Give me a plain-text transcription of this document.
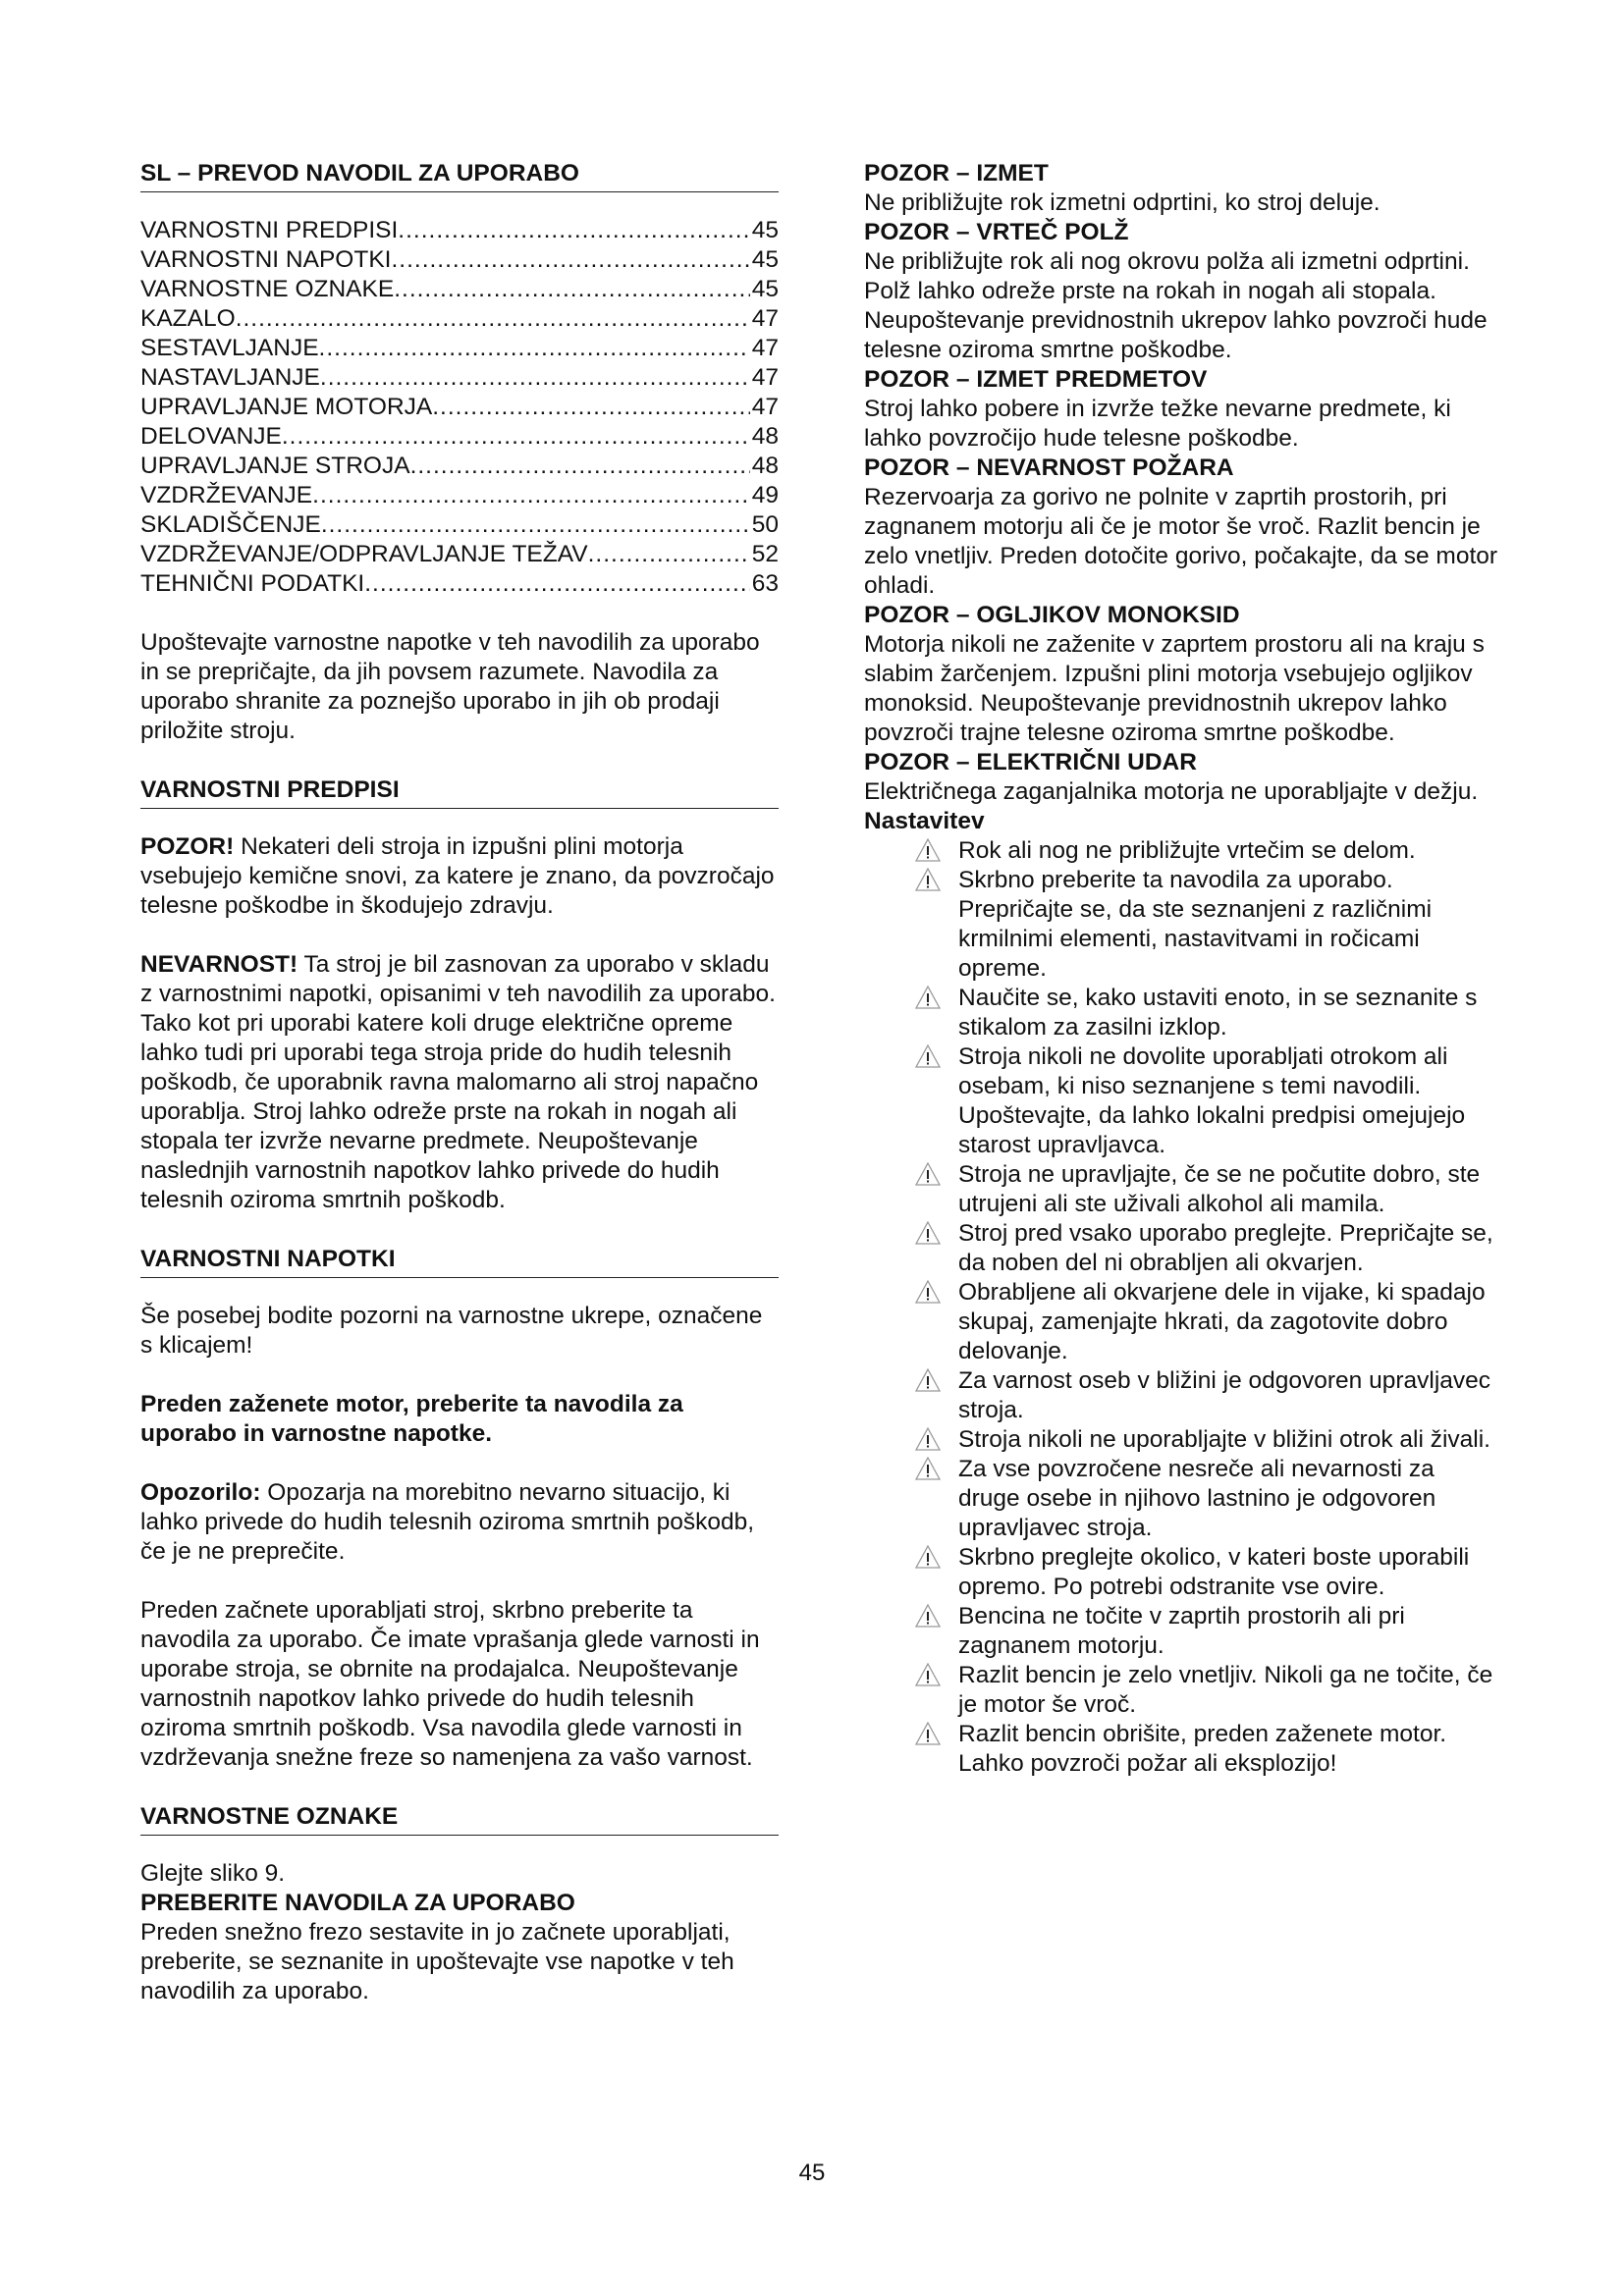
SL – PREVOD NAVODIL ZA UPORABO

VARNOSTNI PREDPISI .....	45
VARNOSTNI NAPOTKI .....	45
VARNOSTNE OZNAKE .....	45
KAZALO .....	47
SESTAVLJANJE .....	47
NASTAVLJANJE .....	47
UPRAVLJANJE MOTORJA .....	47
DELOVANJE .....	48
UPRAVLJANJE STROJA .....	48
VZDRŽEVANJE .....	49
SKLADIŠČENJE .....	50
VZDRŽEVANJE/ODPRAVLJANJE TEŽAV .....	52
TEHNIČNI PODATKI .....	63

Upoštevajte varnostne napotke v teh navodilih za uporabo in se prepričajte, da jih povsem razumete. Navodila za uporabo shranite za poznejšo uporabo in jih ob prodaji priložite stroju.

VARNOSTNI PREDPISI

POZOR! Nekateri deli stroja in izpušni plini motorja vsebujejo kemične snovi, za katere je znano, da povzročajo telesne poškodbe in škodujejo zdravju.

NEVARNOST! Ta stroj je bil zasnovan za uporabo v skladu z varnostnimi napotki, opisanimi v teh navodilih za uporabo. Tako kot pri uporabi katere koli druge električne opreme lahko tudi pri uporabi tega stroja pride do hudih telesnih poškodb, če uporabnik ravna malomarno ali stroj napačno uporablja. Stroj lahko odreže prste na rokah in nogah ali stopala ter izvrže nevarne predmete. Neupoštevanje naslednjih varnostnih napotkov lahko privede do hudih telesnih oziroma smrtnih poškodb.

VARNOSTNI NAPOTKI

Še posebej bodite pozorni na varnostne ukrepe, označene s klicajem!

Preden zaženete motor, preberite ta navodila za uporabo in varnostne napotke.

Opozorilo: Opozarja na morebitno nevarno situacijo, ki lahko privede do hudih telesnih oziroma smrtnih poškodb, če je ne preprečite.

Preden začnete uporabljati stroj, skrbno preberite ta navodila za uporabo. Če imate vprašanja glede varnosti in uporabe stroja, se obrnite na prodajalca. Neupoštevanje varnostnih napotkov lahko privede do hudih telesnih oziroma smrtnih poškodb. Vsa navodila glede varnosti in vzdrževanja snežne freze so namenjena za vašo varnost.

VARNOSTNE OZNAKE

Glejte sliko 9.

PREBERITE NAVODILA ZA UPORABO

Preden snežno frezo sestavite in jo začnete uporabljati, preberite, se seznanite in upoštevajte vse napotke v teh navodilih za uporabo.

POZOR – IZMET

Ne približujte rok izmetni odprtini, ko stroj deluje.

POZOR – VRTEČ POLŽ

Ne približujte rok ali nog okrovu polža ali izmetni odprtini. Polž lahko odreže prste na rokah in nogah ali stopala. Neupoštevanje previdnostnih ukrepov lahko povzroči hude telesne oziroma smrtne poškodbe.

POZOR – IZMET PREDMETOV

Stroj lahko pobere in izvrže težke nevarne predmete, ki lahko povzročijo hude telesne poškodbe.

POZOR – NEVARNOST POŽARA

Rezervoarja za gorivo ne polnite v zaprtih prostorih, pri zagnanem motorju ali če je motor še vroč. Razlit bencin je zelo vnetljiv. Preden dotočite gorivo, počakajte, da se motor ohladi.

POZOR – OGLJIKOV MONOKSID

Motorja nikoli ne zaženite v zaprtem prostoru ali na kraju s slabim žarčenjem. Izpušni plini motorja vsebujejo ogljikov monoksid. Neupoštevanje previdnostnih ukrepov lahko povzroči trajne telesne oziroma smrtne poškodbe.

POZOR – ELEKTRIČNI UDAR

Električnega zaganjalnika motorja ne uporabljajte v dežju.

Nastavitev

Rok ali nog ne približujte vrtečim se delom.
Skrbno preberite ta navodila za uporabo. Prepričajte se, da ste seznanjeni z različnimi krmilnimi elementi, nastavitvami in ročicami opreme.
Naučite se, kako ustaviti enoto, in se seznanite s stikalom za zasilni izklop.
Stroja nikoli ne dovolite uporabljati otrokom ali osebam, ki niso seznanjene s temi navodili. Upoštevajte, da lahko lokalni predpisi omejujejo starost upravljavca.
Stroja ne upravljajte, če se ne počutite dobro, ste utrujeni ali ste uživali alkohol ali mamila.
Stroj pred vsako uporabo preglejte. Prepričajte se, da noben del ni obrabljen ali okvarjen.
Obrabljene ali okvarjene dele in vijake, ki spadajo skupaj, zamenjajte hkrati, da zagotovite dobro delovanje.
Za varnost oseb v bližini je odgovoren upravljavec stroja.
Stroja nikoli ne uporabljajte v bližini otrok ali živali.
Za vse povzročene nesreče ali nevarnosti za druge osebe in njihovo lastnino je odgovoren upravljavec stroja.
Skrbno preglejte okolico, v kateri boste uporabili opremo. Po potrebi odstranite vse ovire.
Bencina ne točite v zaprtih prostorih ali pri zagnanem motorju.
Razlit bencin je zelo vnetljiv. Nikoli ga ne točite, če je motor še vroč.
Razlit bencin obrišite, preden zaženete motor. Lahko povzroči požar ali eksplozijo!
45
